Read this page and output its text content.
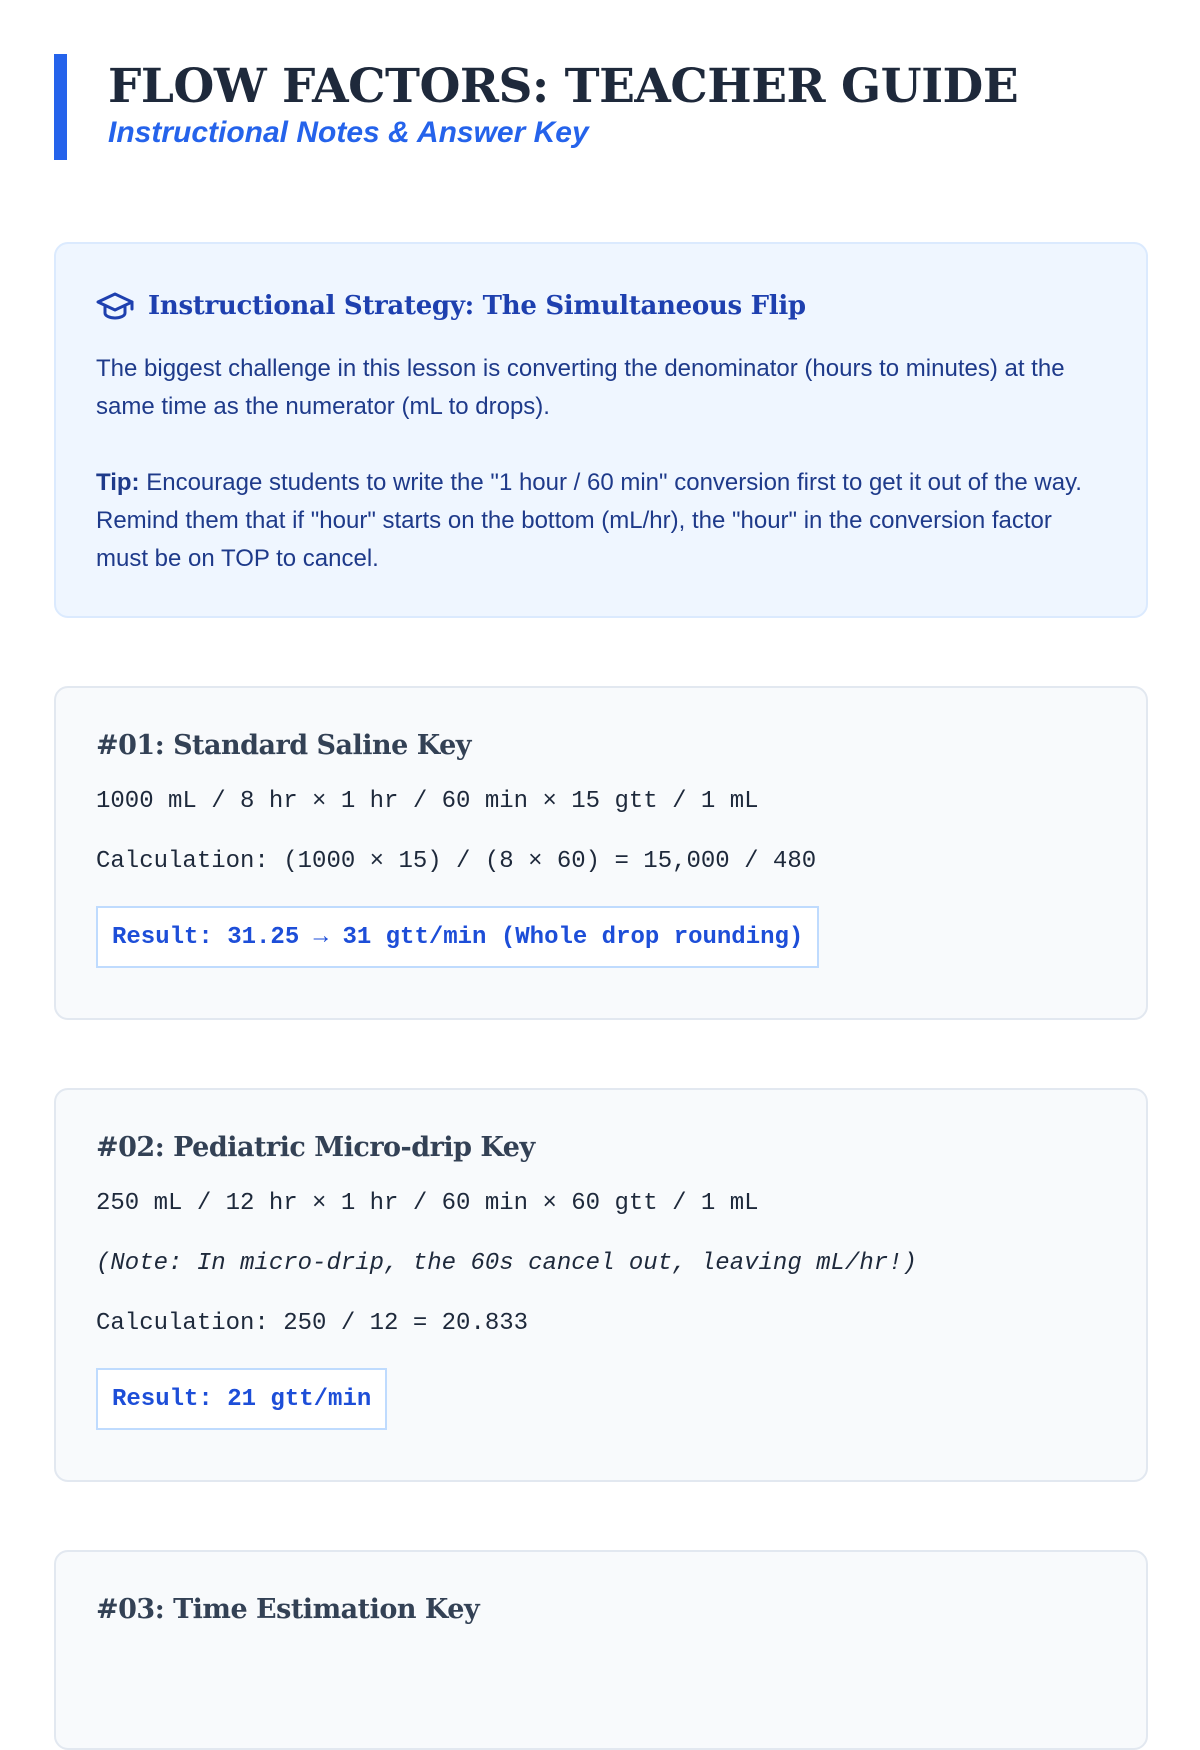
FLOW FACTORS: TEACHER GUIDE
Instructional Notes & Answer Key
Instructional Strategy: The Simultaneous Flip

The biggest challenge in this lesson is converting the denominator (hours to minutes) at the same time as the numerator (mL to drops).

Tip: Encourage students to write the "1 hour / 60 min" conversion first to get it out of the way. Remind them that if "hour" starts on the bottom (mL/hr), the "hour" in the conversion factor must be on TOP to cancel.

#01: Standard Saline Key
1000 mL / 8 hr × 1 hr / 60 min × 15 gtt / 1 mL
Calculation: (1000 × 15) / (8 × 60) = 15,000 / 480
Result: 31.25 → 31 gtt/min (Whole drop rounding)
#02: Pediatric Micro-drip Key
250 mL / 12 hr × 1 hr / 60 min × 60 gtt / 1 mL
(Note: In micro-drip, the 60s cancel out, leaving mL/hr!)
Calculation: 250 / 12 = 20.833
Result: 21 gtt/min
#03: Time Estimation Key
